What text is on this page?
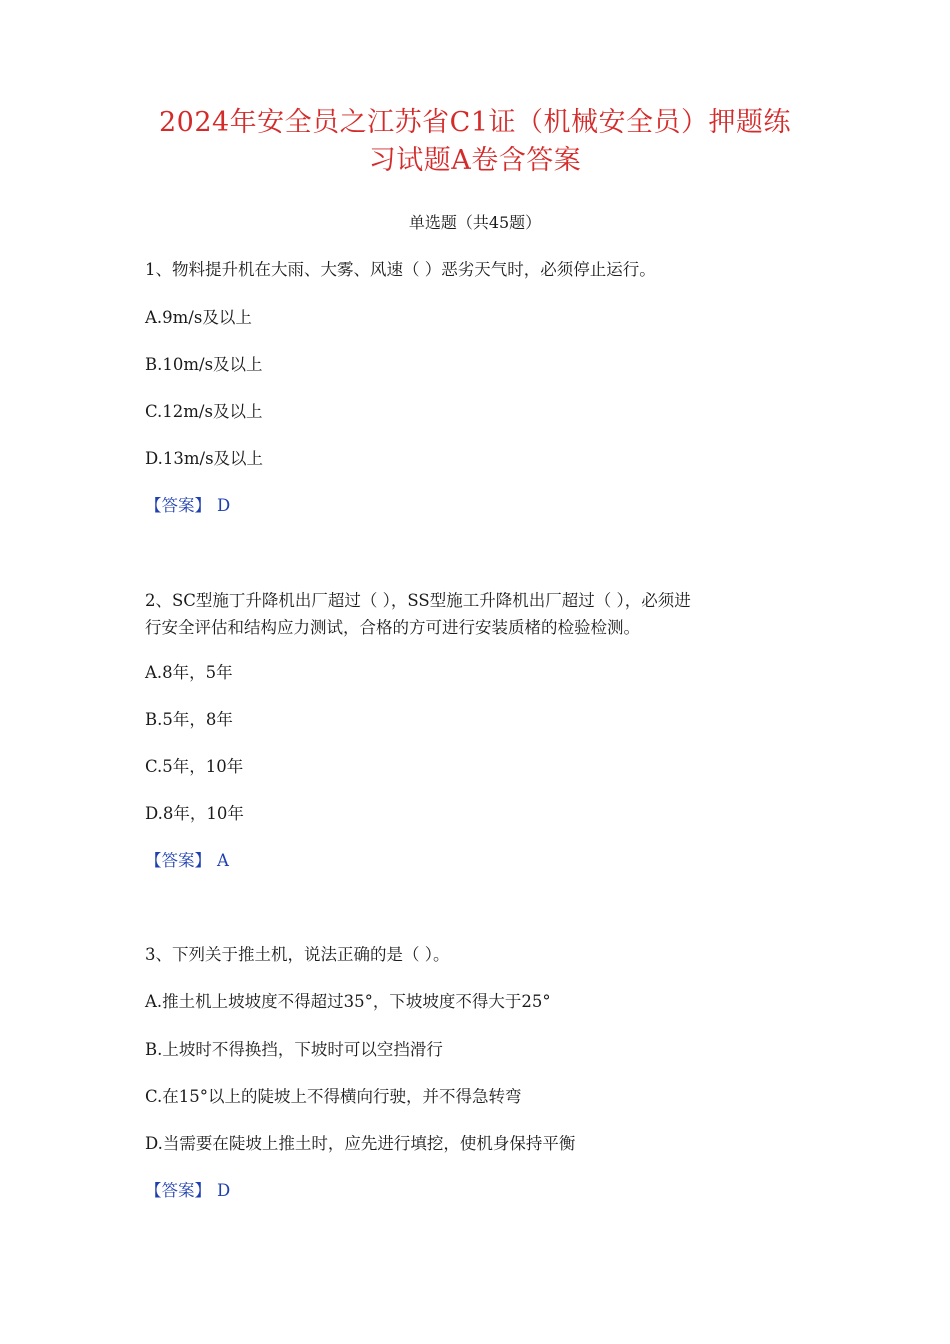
2024年安全员之江苏省C1证（机械安全员）押题练
习试题A卷含答案
单选题（共45题）
1、物料提升机在大雨、大雾、风速（ ）恶劣天气时，必须停止运行。
A.9m/s及以上
B.10m/s及以上
C.12m/s及以上
D.13m/s及以上
【答案】 D
2、SC型施丁升降机出厂超过（ ），SS型施工升降机出厂超过（ ），必须进
行安全评估和结构应力测试，合格的方可进行安装质楮的检验检测。
A.8年，5年
B.5年，8年
C.5年，10年
D.8年，10年
【答案】 A
3、下列关于推土机，说法正确的是（ ）。
A.推土机上坡坡度不得超过35°，下坡坡度不得大于25°
B.上坡时不得换挡，下坡时可以空挡滑行
C.在15°以上的陡坡上不得横向行驶，并不得急转弯
D.当需要在陡坡上推土时，应先进行填挖，使机身保持平衡
【答案】 D
